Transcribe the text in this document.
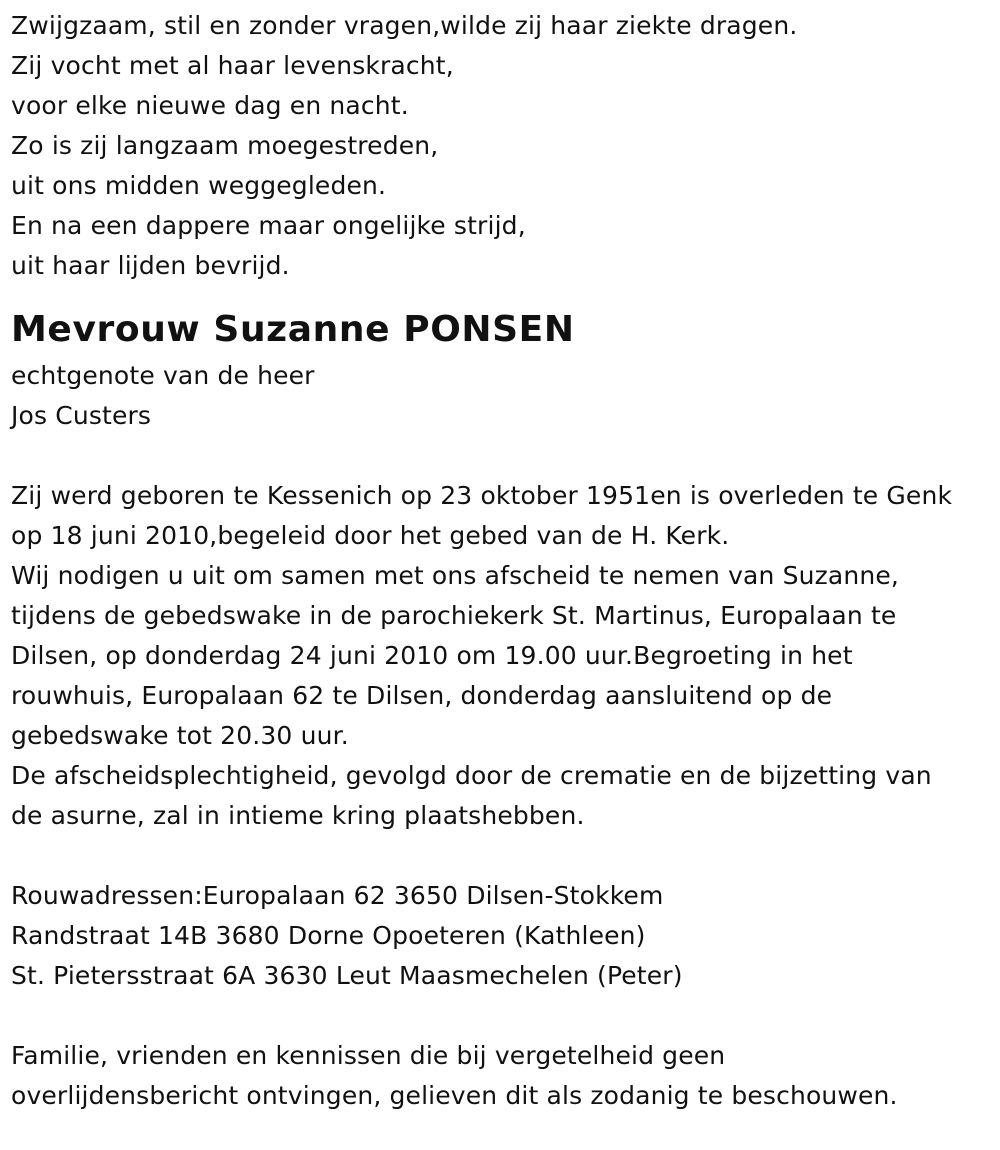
Zwijgzaam, stil en zonder vragen,wilde zij haar ziekte dragen.
Zij vocht met al haar levenskracht,
voor elke nieuwe dag en nacht.
Zo is zij langzaam moegestreden,
uit ons midden weggegleden.
En na een dappere maar ongelijke strijd,
uit haar lijden bevrijd.
Mevrouw Suzanne PONSEN
echtgenote van de heer
Jos Custers
Zij werd geboren te Kessenich op 23 oktober 1951en is overleden te Genk
op 18 juni 2010,begeleid door het gebed van de H. Kerk.
Wij nodigen u uit om samen met ons afscheid te nemen van Suzanne,
tijdens de gebedswake in de parochiekerk St. Martinus, Europalaan te
Dilsen, op donderdag 24 juni 2010 om 19.00 uur.Begroeting in het
rouwhuis, Europalaan 62 te Dilsen, donderdag aansluitend op de
gebedswake tot 20.30 uur.
De afscheidsplechtigheid, gevolgd door de crematie en de bijzetting van
de asurne, zal in intieme kring plaatshebben.
Rouwadressen:Europalaan 62 3650 Dilsen-Stokkem
Randstraat 14B 3680 Dorne Opoeteren (Kathleen)
St. Pietersstraat 6A 3630 Leut Maasmechelen (Peter)
Familie, vrienden en kennissen die bij vergetelheid geen
overlijdensbericht ontvingen, gelieven dit als zodanig te beschouwen.
